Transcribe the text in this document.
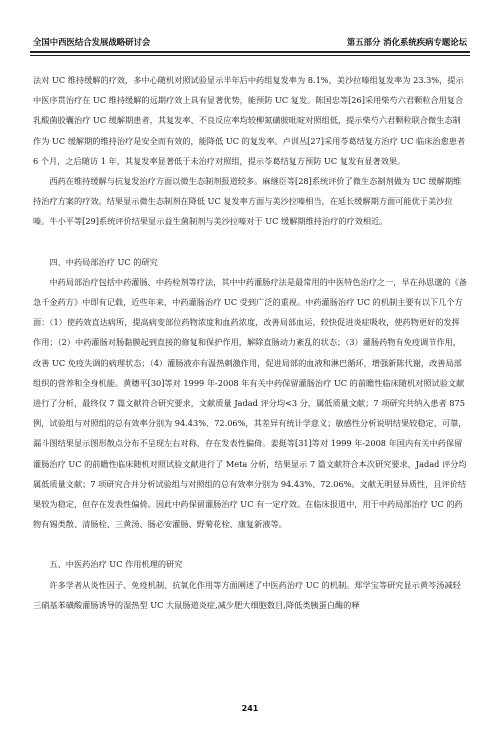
全国中西医结合发展战略研讨会	第五部分 消化系统疾病专题论坛

法对 UC 维持缓解的疗效，多中心随机对照试验显示半年后中药组复发率为 8.1%，美沙拉嗪组复发率为 23.3%，提示中医序贯治疗在 UC 维持缓解的远期疗效上具有显著优势，能预防 UC 复发。陈国忠等[26]采用柴芍六君颗粒合用复合乳酸菌胶囊治疗 UC 缓解期患者，其复发率、不良反应率均较柳氮磺胺吡啶对照组低，提示柴芍六君颗粒联合微生态制作为 UC 缓解期的维持治疗是安全而有效的，能降低 UC 的复发率。卢训丛[27]采用苓葛结复方治疗 UC 临床治愈患者 6 个月，之后随访 1 年，其复发率显著低于未治疗对照组，提示苓葛结复方预防 UC 复发有显著效果。

西药在维持缓解与抗复发治疗方面以微生态制剂报道较多。麻继臣等[28]系统评价了微生态制剂做为 UC 缓解期维持治疗方案的疗效。结果显示微生态制剂在降低 UC 复发率方面与美沙拉嗪相当，在延长缓解期方面可能优于美沙拉嗪。牛小平等[29]系统评价结果显示益生菌制剂与美沙拉嗪对于 UC 缓解期维持治疗的疗效相近。

四、中药局部治疗 UC 的研究

中药局部治疗包括中药灌肠、中药栓剂等疗法，其中中药灌肠疗法是最常用的中医特色治疗之一，早在孙思邈的《备急千金药方》中即有记载，近些年来，中药灌肠治疗 UC 受到广泛的重视。中药灌肠治疗 UC 的机制主要有以下几个方面：（1）使药效直达病所，提高病变部位药物浓度和血药浓度，改善局部血运，较快促进炎症吸收，使药物更好的发挥作用；（2）中药灌肠对肠黏膜起到直接的修复和保护作用，解除直肠动力紊乱的状态；（3）灌肠药物有免疫调节作用，改善 UC 免疫失调的病理状态；（4）灌肠液亦有温热刺激作用，促进局部的血液和淋巴循环，增强新陈代谢，改善局部组织的营养和全身机能。黄穗平[30]等对 1999 年-2008 年有关中药保留灌肠治疗 UC 的前瞻性临床随机对照试验文献进行了分析，最终仅 7 篇文献符合研究要求，文献质量 Jadad 评分均<3 分，属低质量文献；7 项研究共纳入患者 875 例，试验组与对照组的总有效率分别为 94.43%、72.06%，其差异有统计学意义；敏感性分析说明结果较稳定、可靠，漏斗图结果显示图形散点分布不呈现左右对称，存在发表性偏倚。姜挺等[31]等对 1999 年-2008 年国内有关中药保留灌肠治疗 UC 的前瞻性临床随机对照试验文献进行了 Meta 分析，结果显示 7 篇文献符合本次研究要求，Jadad 评分均属低质量文献；7 项研究合并分析试验组与对照组的总有效率分别为 94.43%、72.06%。文献无明显异质性，且评价结果较为稳定，但存在发表性偏倚。因此中药保留灌肠治疗 UC 有一定疗效。在临床报道中，用于中药局部治疗 UC 的药物有锡类散、清肠栓、三黄汤、肠必安灌肠、野菊花栓、康复新液等。

五、中医药治疗 UC 作用机理的研究

许多学者从炎性因子、免疫机制、抗氧化作用等方面阐述了中医药治疗 UC 的机制。郑学宝等研究显示黄芩汤减轻三硝基苯磺酸灌肠诱导的湿热型 UC 大鼠肠道炎症,减少肥大细胞数目,降低类胰蛋白酶的释

241
